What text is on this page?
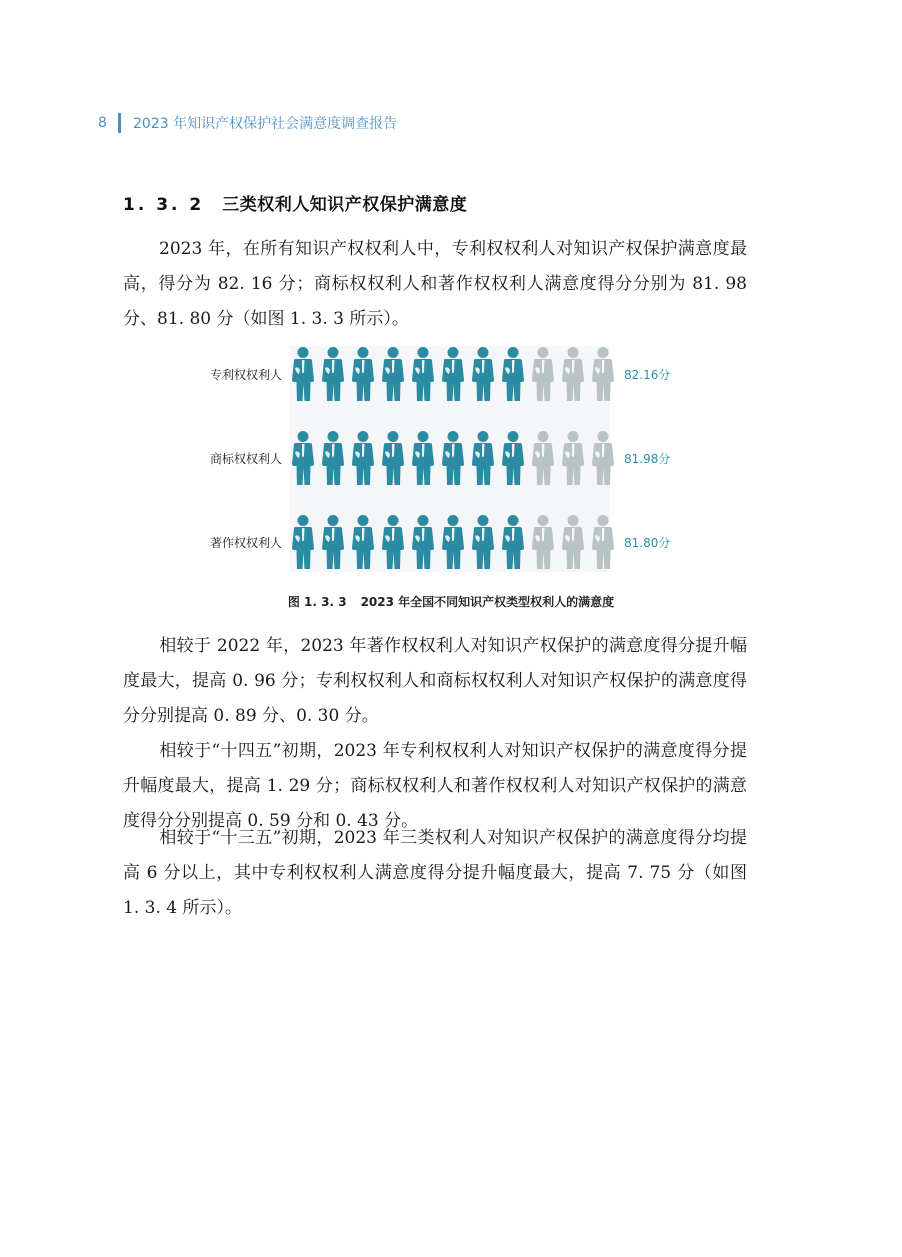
8	2023 年知识产权保护社会满意度调查报告
1. 3. 2 三类权利人知识产权保护满意度

2023 年，在所有知识产权权利人中，专利权权利人对知识产权保护满意度最高，得分为 82. 16 分；商标权权利人和著作权权利人满意度得分分别为 81. 98 分、81. 80 分（如图 1. 3. 3 所示）。

专利权权利人	82.16分
商标权权利人	81.98分
著作权权利人	81.80分
图 1. 3. 3 2023 年全国不同知识产权类型权利人的满意度

相较于 2022 年，2023 年著作权权利人对知识产权保护的满意度得分提升幅度最大，提高 0. 96 分；专利权权利人和商标权权利人对知识产权保护的满意度得分分别提高 0. 89 分、0. 30 分。

相较于“十四五”初期，2023 年专利权权利人对知识产权保护的满意度得分提升幅度最大，提高 1. 29 分；商标权权利人和著作权权利人对知识产权保护的满意度得分分别提高 0. 59 分和 0. 43 分。

相较于“十三五”初期，2023 年三类权利人对知识产权保护的满意度得分均提高 6 分以上，其中专利权权利人满意度得分提升幅度最大，提高 7. 75 分（如图 1. 3. 4 所示）。
